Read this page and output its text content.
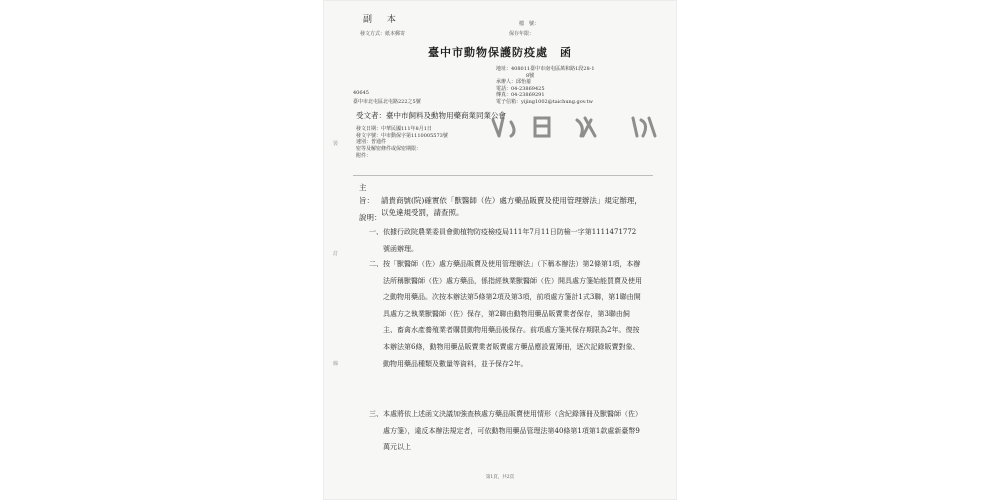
副 本
發文方式：紙本郵寄
檔　號：
保存年限：
臺中市動物保護防疫處　函
地址：408011臺中市南屯區萬和路1段28-1
8號
承辦人：邱怡蓁
電話：04-23869425
傳真：04-23869291
電子信箱：yijing1002@taichung.gov.tw
40645
臺中市北屯區北屯路222之5號
受文者：臺中市飼料及動物用藥商業同業公會
發文日期：中華民國111年8月1日
發文字號：中市動保字第1110005573號
速別：普通件
密等及解密條件或保密期限：
附件：
主旨： 請貴商號(院)確實依「獸醫師（佐）處方藥品販賣及使用管理辦法」規定辦理，以免違規受罰，請查照。
說明：
一、 依據行政院農業委員會動植物防疫檢疫局111年7月11日防檢一字第1111471772號函辦理。
二、 按「獸醫師（佐）處方藥品販賣及使用管理辦法」（下稱本辦法）第2條第1項，本辦法所稱獸醫師（佐）處方藥品，係指經執業獸醫師（佐）開具處方箋始能買賣及使用之動物用藥品。次按本辦法第5條第2項及第3項，前項處方箋計1式3聯，第1聯由開具處方之執業獸醫師（佐）保存，第2聯由動物用藥品販賣業者保存，第3聯由飼主、畜禽水產養殖業者購買動物用藥品後保存。前項處方箋其保存期限為2年。復按本辦法第6條，動物用藥品販賣業者販賣處方藥品應設置簿冊，逐次記錄販賣對象、動物用藥品種類及數量等資料，並予保存2年。
三、 本處將依上述函文決議加強查核處方藥品販賣使用情形（含紀錄簿冊及獸醫師（佐）處方箋），違反本辦法規定者，可依動物用藥品管理法第40條第1項第1款處新臺幣9萬元以上
裝
訂
線
第1頁，共2頁
